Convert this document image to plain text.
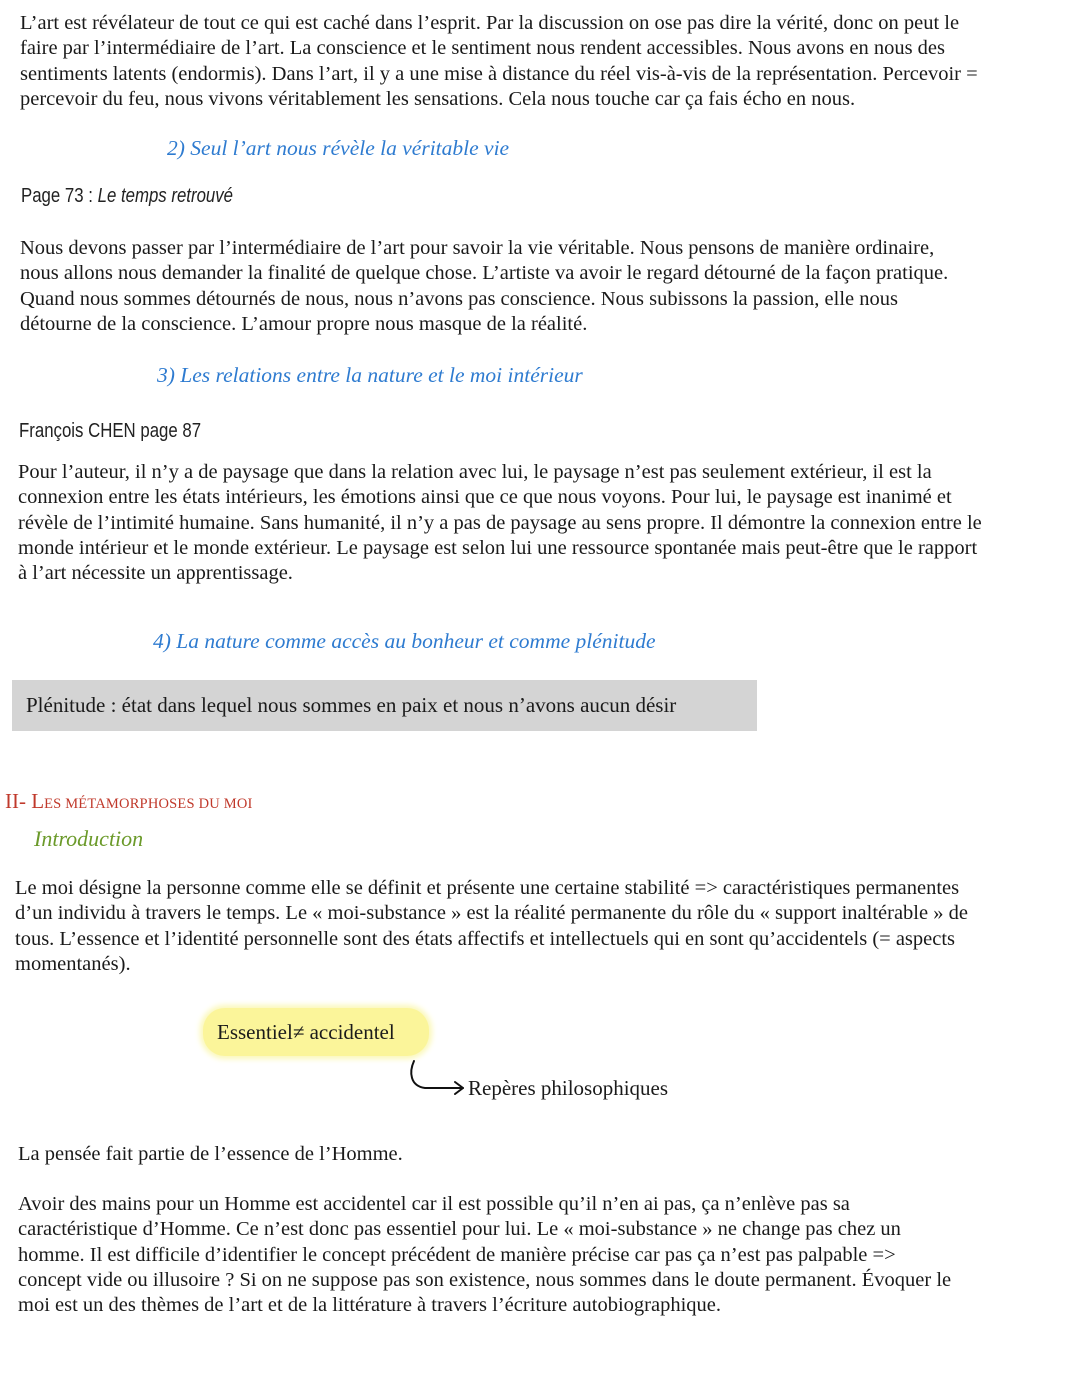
L’art est révélateur de tout ce qui est caché dans l’esprit. Par la discussion on ose pas dire la vérité, donc on peut le
faire par l’intermédiaire de l’art. La conscience et le sentiment nous rendent accessibles. Nous avons en nous des
sentiments latents (endormis). Dans l’art, il y a une mise à distance du réel vis-à-vis de la représentation. Percevoir =
percevoir du feu, nous vivons véritablement les sensations. Cela nous touche car ça fais écho en nous.

2) Seul l’art nous révèle la véritable vie

Page 73 : Le temps retrouvé

Nous devons passer par l’intermédiaire de l’art pour savoir la vie véritable. Nous pensons de manière ordinaire,
nous allons nous demander la finalité de quelque chose. L’artiste va avoir le regard détourné de la façon pratique.
Quand nous sommes détournés de nous, nous n’avons pas conscience. Nous subissons la passion, elle nous
détourne de la conscience. L’amour propre nous masque de la réalité.

3) Les relations entre la nature et le moi intérieur

François CHEN page 87

Pour l’auteur, il n’y a de paysage que dans la relation avec lui, le paysage n’est pas seulement extérieur, il est la
connexion entre les états intérieurs, les émotions ainsi que ce que nous voyons. Pour lui, le paysage est inanimé et
révèle de l’intimité humaine. Sans humanité, il n’y a pas de paysage au sens propre. Il démontre la connexion entre le
monde intérieur et le monde extérieur. Le paysage est selon lui une ressource spontanée mais peut-être que le rapport
à l’art nécessite un apprentissage.

4) La nature comme accès au bonheur et comme plénitude

Plénitude : état dans lequel nous sommes en paix et nous n’avons aucun désir

II- LES MÉTAMORPHOSES DU MOI

Introduction

Le moi désigne la personne comme elle se définit et présente une certaine stabilité => caractéristiques permanentes
d’un individu à travers le temps. Le « moi-substance » est la réalité permanente du rôle du « support inaltérable » de
tous. L’essence et l’identité personnelle sont des états affectifs et intellectuels qui en sont qu’accidentels (= aspects
momentanés).

Essentiel≠ accidentel

Repères philosophiques

La pensée fait partie de l’essence de l’Homme.

Avoir des mains pour un Homme est accidentel car il est possible qu’il n’en ai pas, ça n’enlève pas sa
caractéristique d’Homme. Ce n’est donc pas essentiel pour lui. Le « moi-substance » ne change pas chez un
homme. Il est difficile d’identifier le concept précédent de manière précise car pas ça n’est pas palpable =>
concept vide ou illusoire ? Si on ne suppose pas son existence, nous sommes dans le doute permanent. Évoquer le
moi est un des thèmes de l’art et de la littérature à travers l’écriture autobiographique.
